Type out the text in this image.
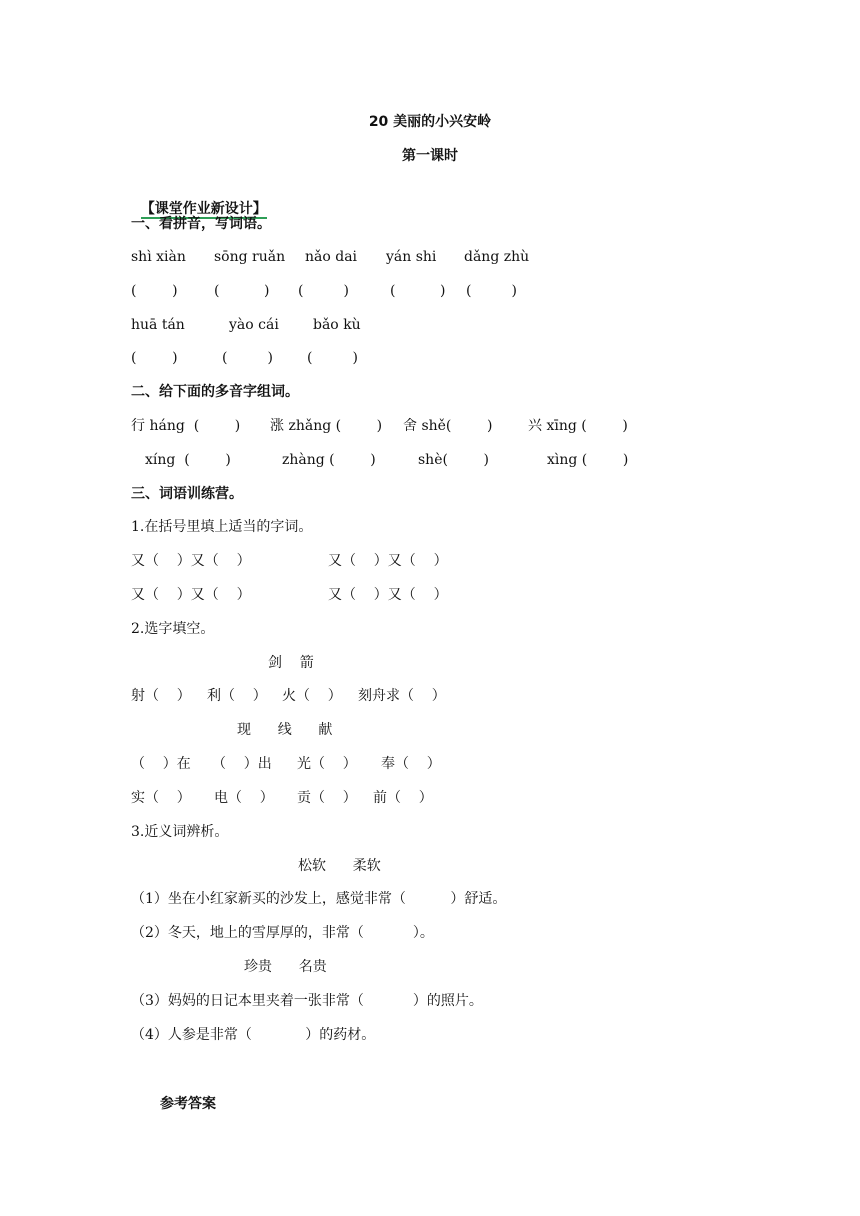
20 美丽的小兴安岭
第一课时

【课堂作业新设计】

一、看拼音，写词语。
shì xiàn sōng ruǎn nǎo dai yán shi dǎng zhù
(        )	(          ) (         )	(          ) (         )
huā tán	yào cái bǎo kù
(        )	(         ) (         )
二、给下面的多音字组词。
行 háng  (        ) 涨 zhǎng (        ) 舍 shě(        )	兴 xīng (        )
xíng  (        )	zhàng (        )	shè(        )	xìng (        )
三、词语训练营。
1.在括号里填上适当的字词。
又（    ）又（    ）	又（    ）又（    ）
又（    ）又（    ）	又（    ）又（    ）
2.选字填空。
剑    箭
射（    ） 利（    ） 火（    ） 刻舟求（    ）
现      线      献
（    ）在 （    ）出 光（    ） 奉（    ）
实（    ） 电（    ） 贡（    ） 前（    ）
3.近义词辨析。
松软      柔软
（1）坐在小红家新买的沙发上，感觉非常（          ）舒适。
（2）冬天，地上的雪厚厚的，非常（           ）。
珍贵      名贵
（3）妈妈的日记本里夹着一张非常（           ）的照片。
（4）人参是非常（            ）的药材。
参考答案
